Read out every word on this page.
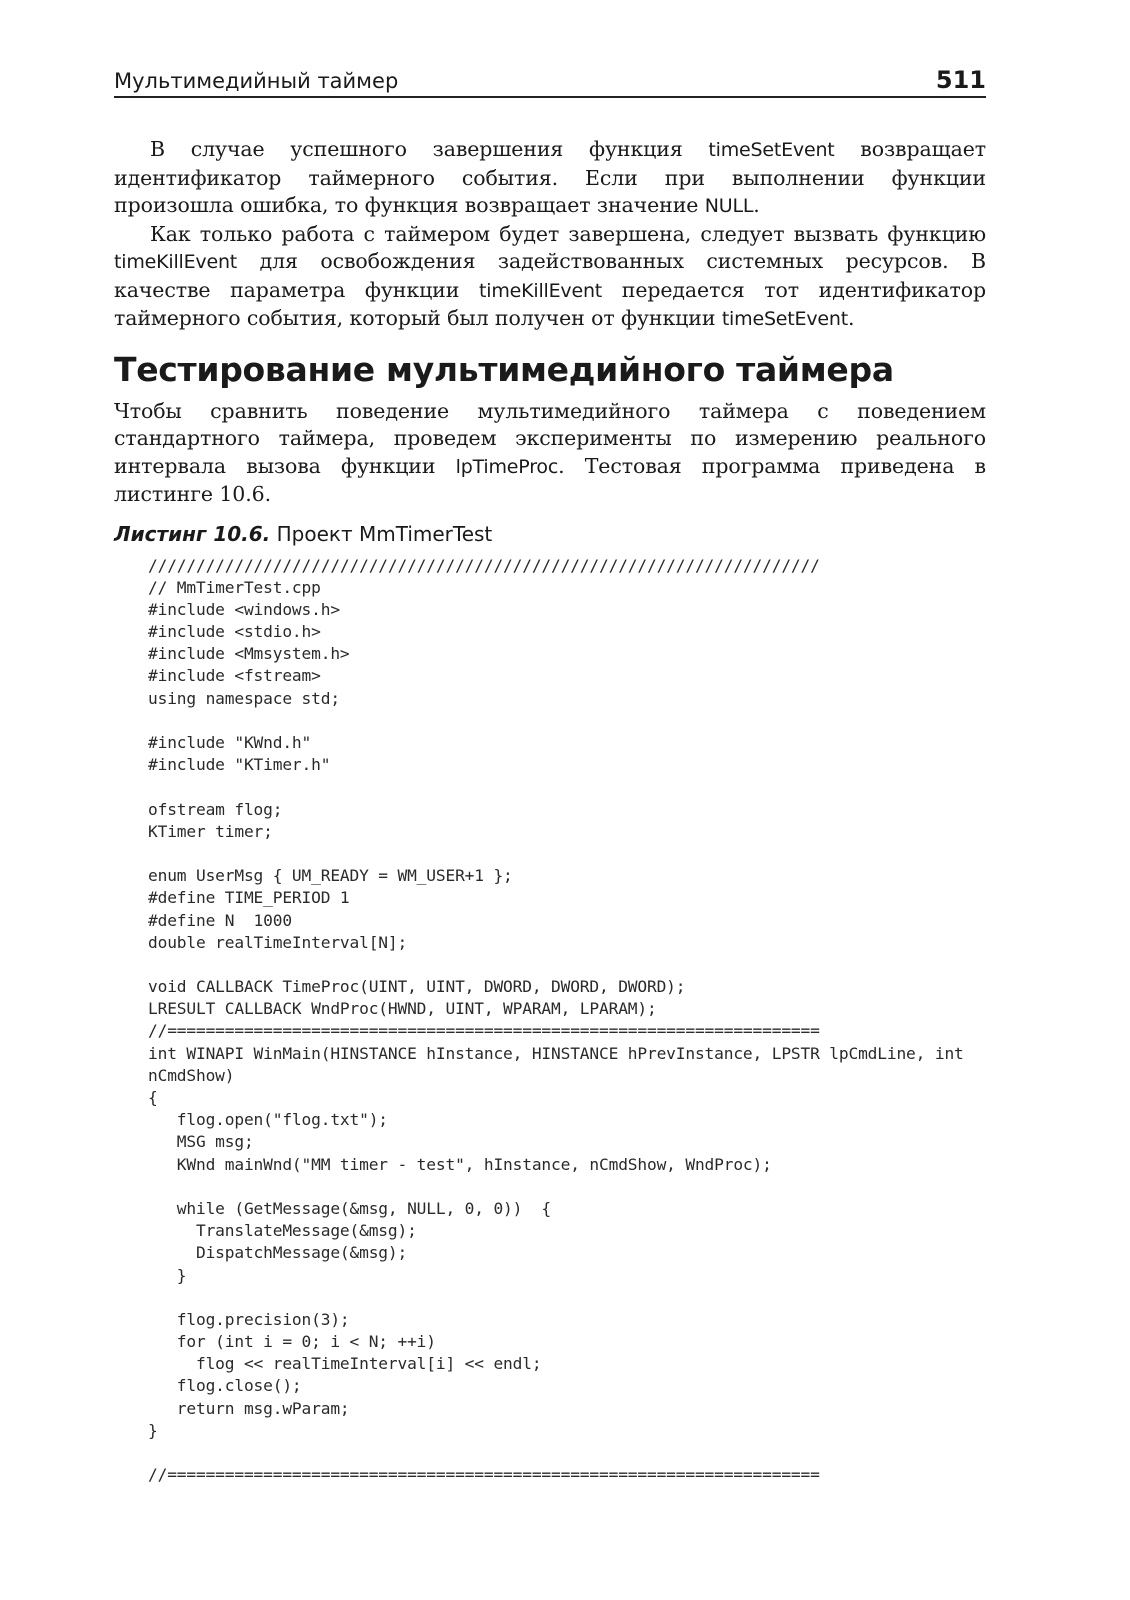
Мультимедийный таймер	511

В случае успешного завершения функция timeSetEvent возвращает идентификатор таймерного события. Если при выполнении функции произошла ошибка, то функция возвращает значение NULL.

Как только работа с таймером будет завершена, следует вызвать функцию timeKillEvent для освобождения задействованных системных ресурсов. В качестве параметра функции timeKillEvent передается тот идентификатор таймерного события, который был получен от функции timeSetEvent.

Тестирование мультимедийного таймера

Чтобы сравнить поведение мультимедийного таймера с поведением стандартного таймера, проведем эксперименты по измерению реального интервала вызова функции lpTimeProc. Тестовая программа приведена в листинге 10.6.

Листинг 10.6. Проект MmTimerTest
//////////////////////////////////////////////////////////////////////
// MmTimerTest.cpp
#include <windows.h>
#include <stdio.h>
#include <Mmsystem.h>
#include <fstream>
using namespace std;
#include "KWnd.h"
#include "KTimer.h"
ofstream flog;
KTimer timer;
enum UserMsg { UM_READY = WM_USER+1 };
#define TIME_PERIOD 1
#define N  1000
double realTimeInterval[N];
void CALLBACK TimeProc(UINT, UINT, DWORD, DWORD, DWORD);
LRESULT CALLBACK WndProc(HWND, UINT, WPARAM, LPARAM);
//====================================================================
int WINAPI WinMain(HINSTANCE hInstance, HINSTANCE hPrevInstance, LPSTR lpCmdLine, int
nCmdShow)
{
flog.open("flog.txt");
MSG msg;
KWnd mainWnd("MM timer - test", hInstance, nCmdShow, WndProc);
while (GetMessage(&msg, NULL, 0, 0))  {
TranslateMessage(&msg);
DispatchMessage(&msg);
}
flog.precision(3);
for (int i = 0; i < N; ++i)
flog << realTimeInterval[i] << endl;
flog.close();
return msg.wParam;
}
//====================================================================
